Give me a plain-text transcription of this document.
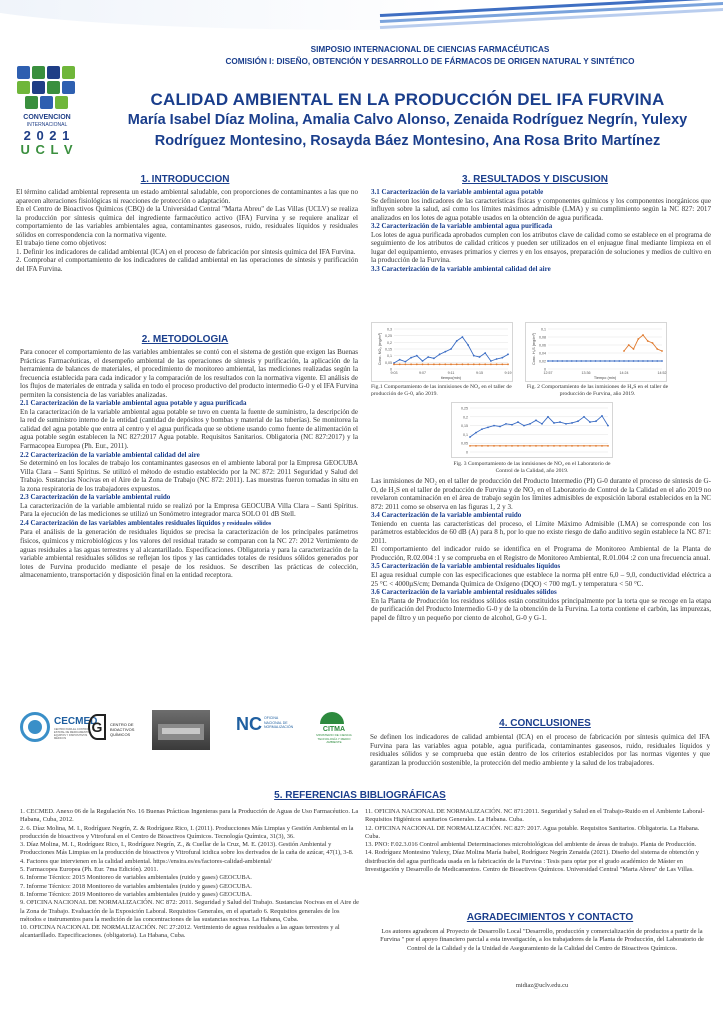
SIMPOSIO INTERNACIONAL DE CIENCIAS FARMACÉUTICAS
COMISIÓN I: DISEÑO, OBTENCIÓN Y DESARROLLO DE FÁRMACOS DE ORIGEN NATURAL Y SINTÉTICO
CONVENCION
INTERNACIONAL
2 0 2 1
U C L V
CALIDAD AMBIENTAL EN LA PRODUCCIÓN DEL IFA FURVINA
María Isabel Díaz Molina, Amalia Calvo Alonso, Zenaida Rodríguez Negrín, Yulexy Rodríguez Montesino, Rosayda Báez Montesino, Ana Rosa Brito Martínez
1. INTRODUCCION

El término calidad ambiental representa un estado ambiental saludable, con proporciones de contaminantes a las que no aparecen alteraciones fisiológicas ni reacciones de protección o adaptación.

En el Centro de Bioactivos Químicos (CBQ) de la Universidad Central "Marta Abreu" de Las Villas (UCLV) se realiza la producción por síntesis química del ingrediente farmacéutico activo (IFA) Furvina y se requiere analizar el comportamiento de las variables ambientales agua, contaminantes gaseosos, ruido, residuales líquidos y residuales sólidos en correspondencia con la normativa vigente.

El trabajo tiene como objetivos:

1. Definir los indicadores de calidad ambiental (ICA) en el proceso de fabricación por síntesis química del IFA Furvina.

2. Comprobar el comportamiento de los indicadores de calidad ambiental en las operaciones de síntesis y purificación del IFA Furvina.

2. METODOLOGIA

Para conocer el comportamiento de las variables ambientales se contó con el sistema de gestión que exigen las Buenas Prácticas Farmacéuticas, el desempeño ambiental de las operaciones de síntesis y purificación, la aplicación de la herramienta de balances de materiales, el procedimiento de monitoreo ambiental, las mediciones realizadas según la frecuencia establecida para cada indicador y la comparación de los resultados con la normativa vigente. El análisis de los flujos de materiales de entrada y salida en todo el proceso productivo del producto intermedio G-0 y el IFA Furvina permiten la consistencia de las variables analizadas.

2.1 Caracterización de la variable ambiental agua potable y agua purificada

En la caracterización de la variable ambiental agua potable se tuvo en cuenta la fuente de suministro, la descripción de la red de suministro interno de la entidad (cantidad de depósitos y bombas y material de las tuberías). Se monitorea la calidad del agua potable que entra al centro y el agua purificada que se obtiene usando como fuente de alimentación el agua potable según establecen la NC 827:2017 Agua potable. Requisitos Sanitarios. Obligatoria (NC 827:2017) y la Farmacopea Europea (Ph. Eur., 2011).

2.2 Caracterización de la variable ambiental calidad del aire

Se determinó en los locales de trabajo los contaminantes gaseosos en el ambiente laboral por la Empresa GEOCUBA Villa Clara – Santi Spíritus. Se utilizó el método de estudio establecido por la NC 872: 2011 Seguridad y Salud del Trabajo. Sustancias Nocivas en el Aire de la Zona de Trabajo (NC 872: 2011). Las muestras fueron tomadas in situ en la zona respiratoria de los trabajadores expuestos.

2.3 Caracterización de la variable ambiental ruido

La caracterización de la variable ambiental ruido se realizó por la Empresa GEOCUBA Villa Clara – Santi Spíritus. Para la ejecución de las mediciones se utilizó un Sonómetro integrador marca SOLO 01 dB Stell.

2.4 Caracterización de las variables ambientales residuales líquidos y residuales sólidos

Para el análisis de la generación de residuales líquidos se precisa la caracterización de los principales parámetros físicos, químicos y microbiológicos y los valores del residual tratado se comparan con la NC 27: 2012 Vertimiento de aguas residuales a las aguas terrestres y al alcantarillado. Especificaciones. Obligatoria y para la caracterización de la variable ambiental residuales sólidos se reflejan los tipos y las cantidades totales de residuos sólidos generados por lotes de Furvina producido mediante el pesaje de los residuos. Se describen las prácticas de colección, almacenamiento, transportación y disposición final en la entidad receptora.

3. RESULTADOS Y DISCUSION

3.1 Caracterización de la variable ambiental agua potable

Se definieron los indicadores de las características físicas y componentes químicos y los componentes inorgánicos que influyen sobre la salud, así como los límites máximos admisible (LMA) y su cumplimiento según la NC 827: 2017 analizados en los lotes de agua potable usados en la obtención de agua purificada.

3.2 Caracterización de la variable ambiental agua purificada

Los lotes de agua purificada aprobados cumplen con los atributos clave de calidad como se establece en el programa de seguimiento de los atributos de calidad críticos y pueden ser utilizados en el enjuague final mediante limpieza en el lugar del equipamiento, envases primarios y cierres y en los ensayos, preparación de soluciones y medios de cultivo en la producción de la Furvina.

3.3 Caracterización de la variable ambiental calidad del aire

0
0,05
0,1
0,15
0,2
0,25
0,3
9:03	9:07	9:11	9:15	9:19
tiempo(min)
Conc. NO₂ (mg/m³)
0
0,02
0,04
0,06
0,08
0,1
12:57	13:36	14:24	14:52
Tiempo (min)
Conc. H₂S (mg/m³)
Fig.1 Comportamiento de las inmisiones de NO₂ en el taller de producción de G-0, año 2019.
Fig. 2 Comportamiento de las inmisiones de H₂S en el taller de producción de Furvina, año 2019.
0
0,05
0,1
0,15
0,2
0,25
Fig. 3 Comportamiento de las inmisiones de NO₂ en el Laboratorio de Control de la Calidad, año 2019.

Las inmisiones de NO₂ en el taller de producción del Producto Intermedio (PI) G-0 durante el proceso de síntesis de G-O, de H₂S en el taller de producción de Furvina y de NO₂ en el Laboratorio de Control de la Calidad en el año 2019 no revelaron contaminación en el área de trabajo según los límites admisibles de exposición laboral establecidos en la NC 872: 2011 como se observa en las figuras 1, 2 y 3.

3.4 Caracterización de la variable ambiental ruido

Teniendo en cuenta las características del proceso, el Límite Máximo Admisible (LMA) se corresponde con los parámetros establecidos de 60 dB (A) para 8 h, por lo que no existe riesgo de daño auditivo según establece la NC 871: 2011.

El comportamiento del indicador ruido se identifica en el Programa de Monitoreo Ambiental de la Planta de Producción, R.02.004 :1 y se comprueba en el Registro de Monitoreo Ambiental, R.01.004 :2 con una frecuencia anual.

3.5 Caracterización de la variable ambiental residuales líquidos

El agua residual cumple con las especificaciones que establece la norma pH entre 6,0 – 9,0, conductividad eléctrica a 25 °C < 4000µS/cm; Demanda Química de Oxígeno (DQO) < 700 mg/L y temperatura < 50 °C.

3.6 Caracterización de la variable ambiental residuales sólidos

En la Planta de Producción los residuos sólidos están constituidos principalmente por la torta que se recoge en la etapa de purificación del Producto Intermedio G-0 y de la obtención de la Furvina. La torta contiene el carbón, las impurezas, papel de filtro y un pequeño por ciento de alcohol, G-0 y G-1.

4. CONCLUSIONES
Se definen los indicadores de calidad ambiental (ICA) en el proceso de fabricación por síntesis química del IFA Furvina para las variables agua potable, agua purificada, contaminantes gaseosos, ruido, residuales líquidos y residuales sólidos y se comprueba que están dentro de los criterios establecidos por las normas vigentes y que garantizan la producción sostenible, la protección del medio ambiente y la salud de los trabajadores.
CECMED
CENTRO PARA EL CONTROL ESTATAL DE MEDICAMENTOS, EQUIPOS Y DISPOSITIVOS MÉDICOS
G	CENTRO DE BIOACTIVOS QUÍMICOS
NC OFICINA NACIONAL DE NORMALIZACIÓN	CITMA
MINISTERIO DE CIENCIA TECNOLOGÍA Y MEDIO AMBIENTE
5. REFERENCIAS BIBLIOGRÁFICAS

1. CECMED. Anexo 06 de la Regulación No. 16 Buenas Prácticas Ingenieras para la Producción de Aguas de Uso Farmacéutico. La Habana, Cuba, 2012.

2. 6. Díaz Molina, M. I., Rodríguez Negrín, Z. & Rodríguez Rico, I. (2011). Producciones Más Limpias y Gestión Ambiental en la producción de bioactivos y Vitrofural en el Centro de Bioactivos Químicos. Tecnología Química, 31(3), 36.

3. Díaz Molina, M. I., Rodríguez Rico, I., Rodríguez Negrín, Z., & Cuellar de la Cruz, M. E. (2013). Gestión Ambiental y Producciones Más Limpias en la producción de bioactivos y Vitrofural icidica sobre los derivados de la caña de azúcar, 47(1), 3-8.

4. Factores que intervienen en la calidad ambiental. https://ensira.es/es/factores-calidad-ambiental/

5. Farmacopea Europea (Ph. Eur. 7ma Edición). 2011.

6. Informe Técnico: 2015 Monitoreo de variables ambientales (ruido y gases) GEOCUBA.

7. Informe Técnico: 2018 Monitoreo de variables ambientales (ruido y gases) GEOCUBA.

8. Informe Técnico: 2019 Monitoreo de variables ambientales (ruido y gases) GEOCUBA.

9. OFICINA NACIONAL DE NORMALIZACIÓN. NC 872: 2011. Seguridad y Salud del Trabajo. Sustancias Nocivas en el Aire de la Zona de Trabajo. Evaluación de la Exposición Laboral. Requisitos Generales, en el apartado 6. Requisitos generales de los métodos e instrumentos para la medición de las concentraciones de las sustancias nocivas. La Habana, Cuba.

10. OFICINA NACIONAL DE NORMALIZACIÓN. NC 27:2012. Vertimiento de aguas residuales a las aguas terrestres y al alcantarillado. Especificaciones. (obligatoria). La Habana, Cuba.

11. OFICINA NACIONAL DE NORMALIZACIÓN. NC 871:2011. Seguridad y Salud en el Trabajo-Ruido en el Ambiente Laboral-Requisitos Higiénicos sanitarios Generales. La Habana. Cuba.

12. OFICINA NACIONAL DE NORMALIZACIÓN. NC 827: 2017. Agua potable. Requisitos Sanitarios. Obligatoria. La Habana. Cuba.

13. PNO: F.02.3.016 Control ambiental Determinaciones microbiológicas del ambiente de áreas de trabajo. Planta de Producción.

14. Rodríguez Montesino Yulexy, Díaz Molina María Isabel, Rodríguez Negrín Zenaida (2021). Diseño del sistema de obtención y distribución del agua purificada usada en la fabricación de la Furvina : Tesis para optar por el grado académico de Máster en Investigación y Desarrollo de Medicamentos. Centro de Bioactivos Químicos. Universidad Central "Marta Abreu" de Las Villas.

AGRADECIMIENTOS Y CONTACTO
Los autores agradecen al Proyecto de Desarrollo Local "Desarrollo, producción y comercialización de productos a partir de la Furvina " por el apoyo financiero parcial a esta investigación, a los trabajadores de la Planta de Producción, del Laboratorio de Control de la Calidad y de la Unidad de Aseguramiento de la Calidad del Centro de Bioactivos Químicos.
midiaz@uclv.edu.cu
